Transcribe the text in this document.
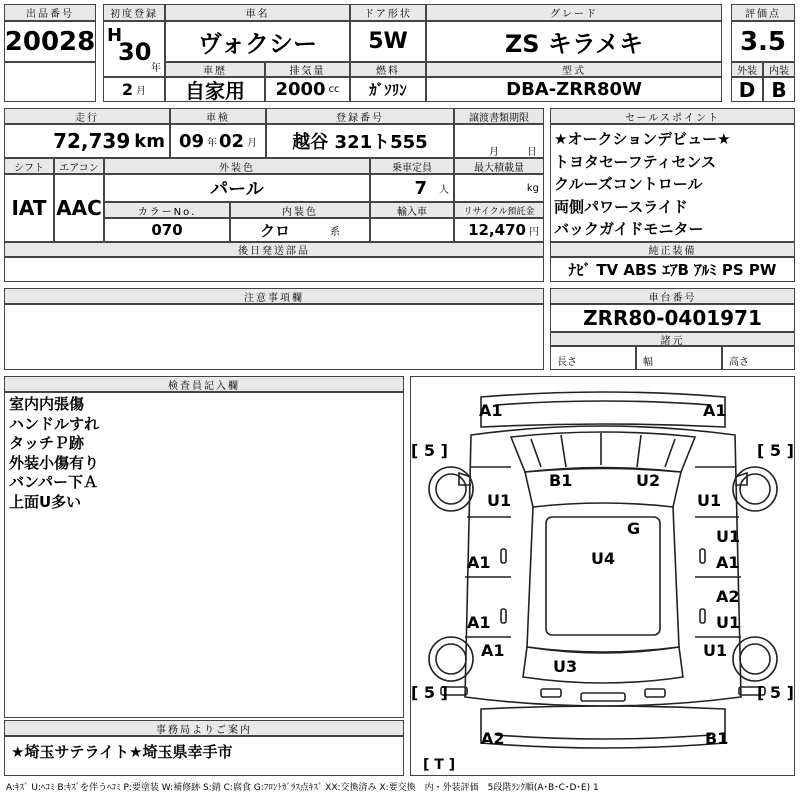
出品番号
20028
初度登録
H
30
年
2 月
車名
ヴォクシー
ドア形状
5W
グレード
ZS キラメキ
評価点
3.5
車歴
自家用
排気量
2000 cc
燃料
ｶﾞｿﾘﾝ
型式
DBA-ZRR80W
外装
D
内装
B
走行
72,739 km
車検
09 年 02 月
登録番号
越谷 321ト555
譲渡書類期限
月	日
シフト
IAT
エアコン
AAC
外装色
パール
乗車定員
7 人
最大積載量
kg
カラーNo.
070
内装色
クロ	系
輸入車	リサイクル預託金
12,470 円
後日発送部品
セールスポイント
★オークションデビュー★
トヨタセーフティセンス
クルーズコントロール
両側パワースライド
バックガイドモニター
純正装備
ﾅﾋﾞ TV ABS ｴｱB ｱﾙﾐ PS PW
注意事項欄	車台番号
ZRR80-0401971
諸元
長さ	幅	高さ
検査員記入欄
室内内張傷
ハンドルすれ
タッチＰ跡
外装小傷有り
バンパー下Ａ
上面U多い
事務局よりご案内
★埼玉サテライト★埼玉県幸手市
A1	A1
[ 5 ]	[ 5 ]
B1	U2
U1	U1
G	U1
A1	U4	A1
A2
A1	U1
A1	U1
U3
[ 5 ]	[ 5 ]
A2	B1
[ T ]
A:ｷｽﾞ U:ﾍｺﾐ B:ｷｽﾞを伴うﾍｺﾐ P:要塗装 W:補修跡 S:錆 C:腐食 G:ﾌﾛﾝﾄｶﾞﾗｽ点ｷｽﾞ XX:交換済み X:要交換　内・外装評価　5段階ﾗﾝｸ順(A･B･C･D･E) 1
